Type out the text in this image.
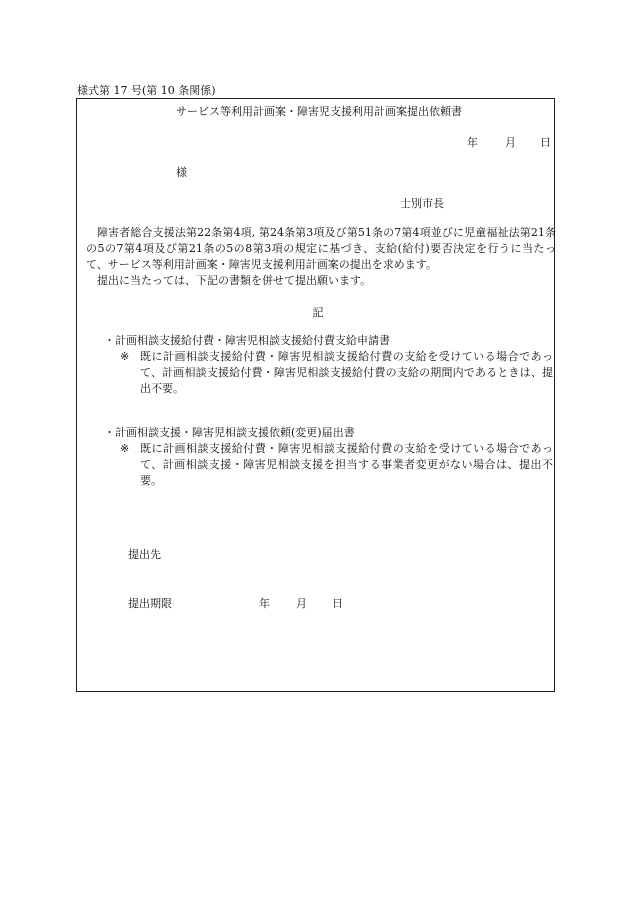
様式第 17 号(第 10 条関係)
サービス等利用計画案・障害児支援利用計画案提出依頼書
年 月 日
様
士別市長
障害者総合支援法第22条第4項, 第24条第3項及び第51条の7第4項並びに児童福祉法第21条の5の7第4項及び第21条の5の8第3項の規定に基づき、支給(給付)要否決定を行うに当たって、サービス等利用計画案・障害児支援利用計画案の提出を求めます。
提出に当たっては、下記の書類を併せて提出願います。
記
・計画相談支援給付費・障害児相談支援給付費支給申請書
※ 既に計画相談支援給付費・障害児相談支援給付費の支給を受けている場合であって、計画相談支援給付費・障害児相談支援給付費の支給の期間内であるときは、提出不要。
・計画相談支援・障害児相談支援依頼(変更)届出書
※ 既に計画相談支援給付費・障害児相談支援給付費の支給を受けている場合であって、計画相談支援・障害児相談支援を担当する事業者変更がない場合は、提出不要。
提出先
提出期限	年 月 日
